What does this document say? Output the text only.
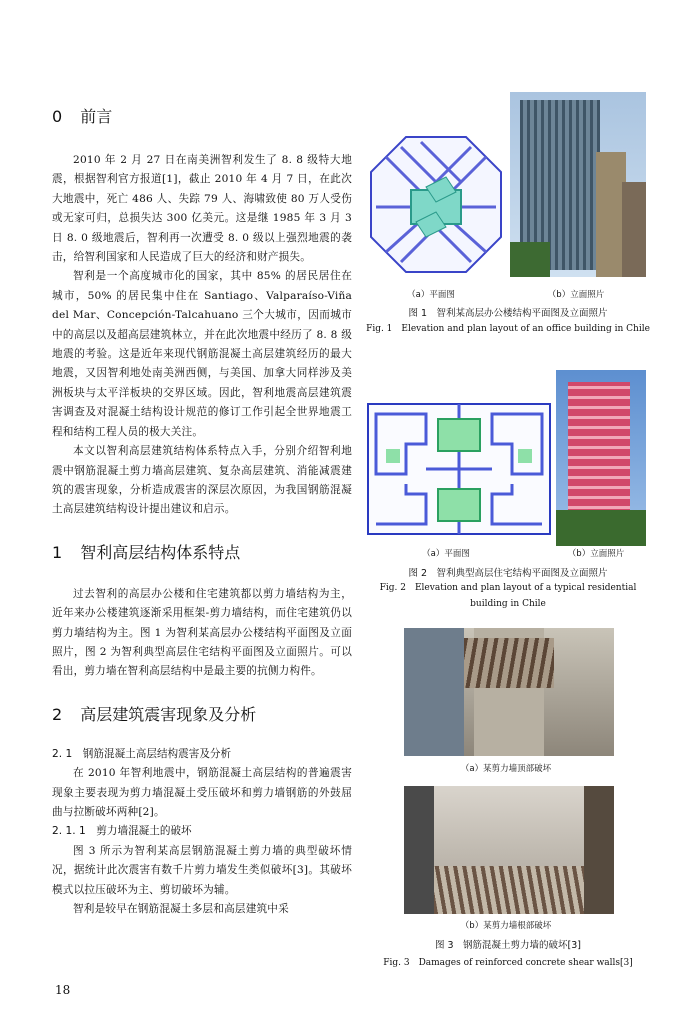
0 前言

2010 年 2 月 27 日在南美洲智利发生了 8. 8 级特大地震，根据智利官方报道[1]，截止 2010 年 4 月 7 日，在此次大地震中，死亡 486 人、失踪 79 人、海啸致使 80 万人受伤或无家可归，总损失达 300 亿美元。这是继 1985 年 3 月 3 日 8. 0 级地震后，智利再一次遭受 8. 0 级以上强烈地震的袭击，给智利国家和人民造成了巨大的经济和财产损失。

智利是一个高度城市化的国家，其中 85% 的居民居住在城市，50% 的居民集中住在 Santiago、Valparaíso-Viña del Mar、Concepción-Talcahuano 三个大城市，因而城市中的高层以及超高层建筑林立，并在此次地震中经历了 8. 8 级地震的考验。这是近年来现代钢筋混凝土高层建筑经历的最大地震，又因智利地处南美洲西侧，与美国、加拿大同样涉及美洲板块与太平洋板块的交界区域。因此，智利地震高层建筑震害调查及对混凝土结构设计规范的修订工作引起全世界地震工程和结构工程人员的极大关注。

本文以智利高层建筑结构体系特点入手，分别介绍智利地震中钢筋混凝土剪力墙高层建筑、复杂高层建筑、消能减震建筑的震害现象，分析造成震害的深层次原因，为我国钢筋混凝土高层建筑结构设计提出建议和启示。

1 智利高层结构体系特点

过去智利的高层办公楼和住宅建筑都以剪力墙结构为主，近年来办公楼建筑逐渐采用框架-剪力墙结构，而住宅建筑仍以剪力墙结构为主。图 1 为智利某高层办公楼结构平面图及立面照片，图 2 为智利典型高层住宅结构平面图及立面照片。可以看出，剪力墙在智利高层结构中是最主要的抗侧力构件。

2 高层建筑震害现象及分析

2. 1　钢筋混凝土高层结构震害及分析

在 2010 年智利地震中，钢筋混凝土高层结构的普遍震害现象主要表现为剪力墙混凝土受压破坏和剪力墙钢筋的外鼓屈曲与拉断破坏两种[2]。

2. 1. 1　剪力墙混凝土的破坏

图 3 所示为智利某高层钢筋混凝土剪力墙的典型破坏情况，据统计此次震害有数千片剪力墙发生类似破坏[3]。其破坏模式以拉压破坏为主、剪切破坏为辅。

智利是较早在钢筋混凝土多层和高层建筑中采

（a）平面图	（b）立面照片
图 1　智利某高层办公楼结构平面图及立面照片
Fig. 1　Elevation and plan layout of an office building in Chile
（a）平面图	（b）立面照片
图 2　智利典型高层住宅结构平面图及立面照片
Fig. 2　Elevation and plan layout of a typical residential building in Chile
（a）某剪力墙顶部破坏
（b）某剪力墙根部破坏
图 3　钢筋混凝土剪力墙的破坏[3]
Fig. 3　Damages of reinforced concrete shear walls[3]
18
